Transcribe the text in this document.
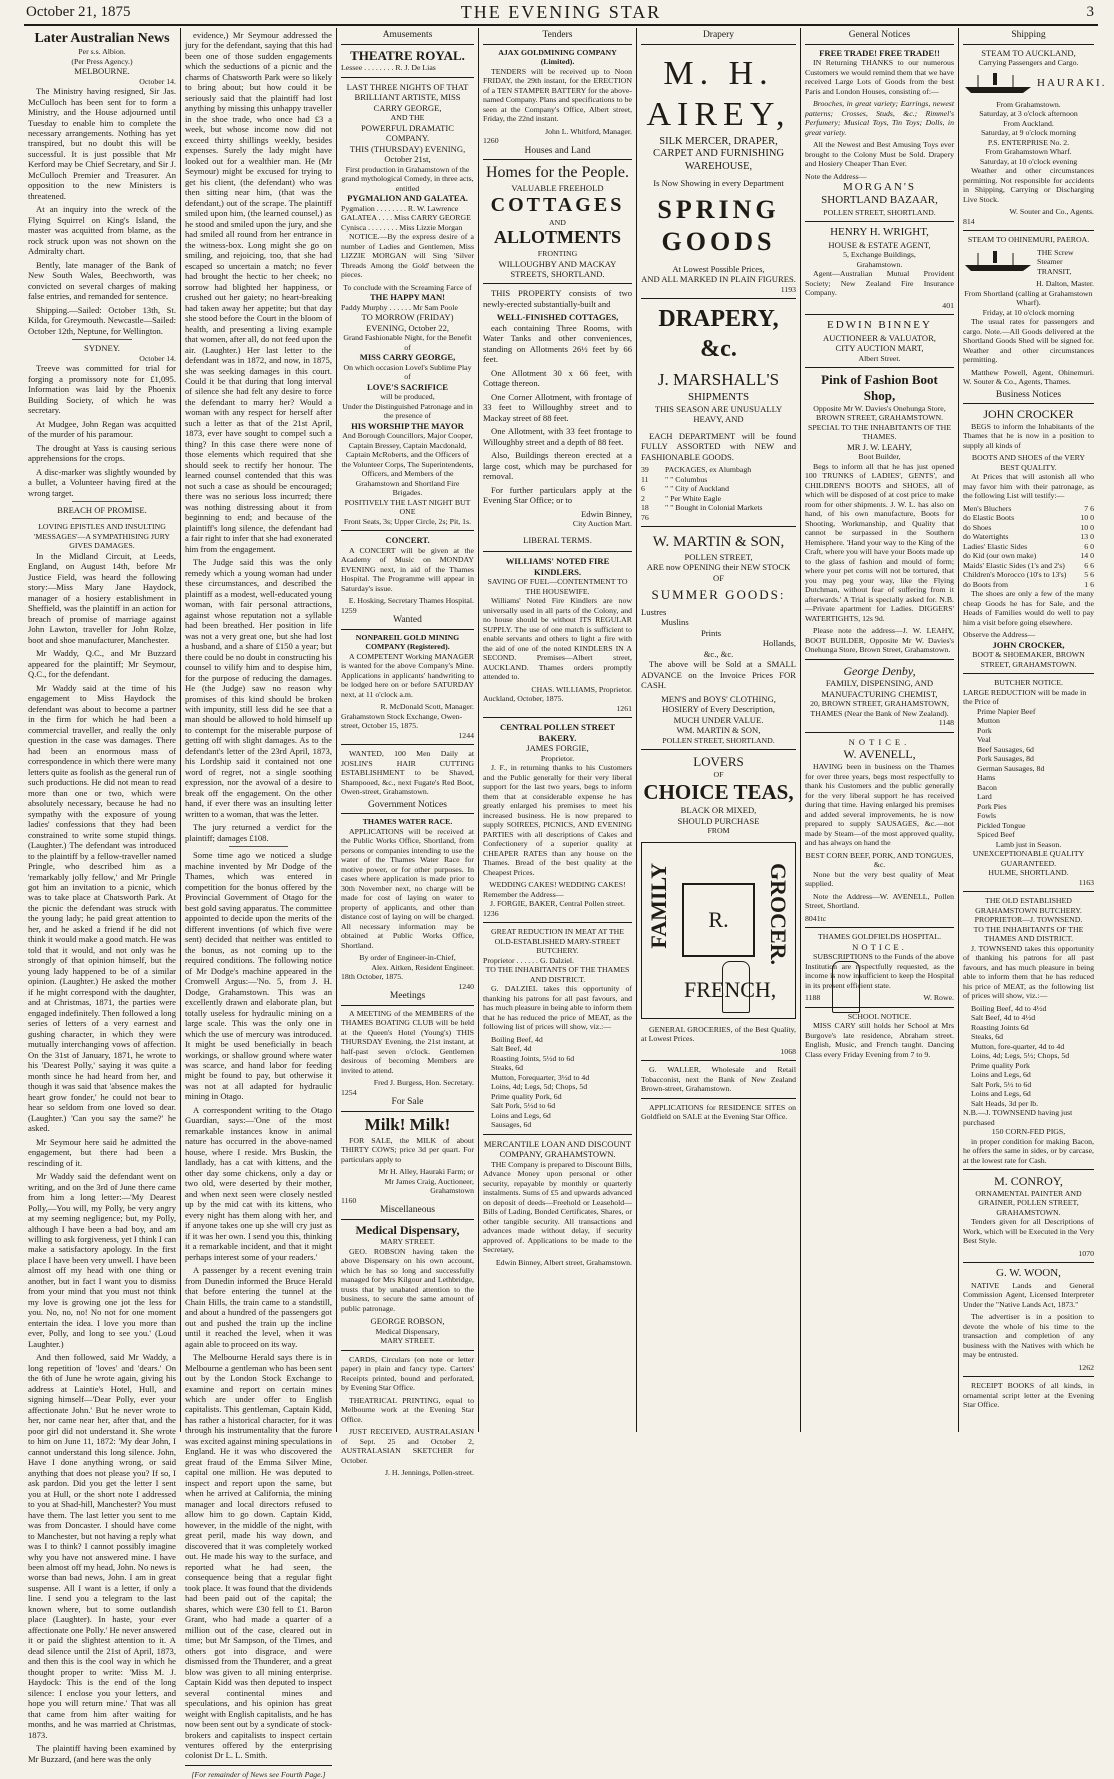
October 21, 1875	THE EVENING STAR	3
Later Australian News
Per s.s. Albion.
(Per Press Agency.)
MELBOURNE.
October 14.

The Ministry having resigned, Sir Jas. McCulloch has been sent for to form a Ministry, and the House adjourned until Tuesday to enable him to complete the necessary arrangements. Nothing has yet transpired, but no doubt this will be successful. It is just possible that Mr Kerford may be Chief Secretary, and Sir J. McCulloch Premier and Treasurer. An opposition to the new Ministers is threatened.

At an inquiry into the wreck of the Flying Squirrel on King's Island, the master was acquitted from blame, as the rock struck upon was not shown on the Admiralty chart.

Bently, late manager of the Bank of New South Wales, Beechworth, was convicted on several charges of making false entries, and remanded for sentence.

Shipping.—Sailed: October 13th, St. Kilda, for Greymouth. Newcastle—Sailed: October 12th, Neptune, for Wellington.

SYDNEY.
October 14.

Treeve was committed for trial for forging a promissory note for £1,095. Information was laid by the Phoenix Building Society, of which he was secretary.

At Mudgee, John Regan was acquitted of the murder of his paramour.

The drought at Yass is causing serious apprehensions for the crops.

A disc-marker was slightly wounded by a bullet, a Volunteer having fired at the wrong target.

BREACH OF PROMISE.
LOVING EPISTLES AND INSULTING 'MESSAGES'—A SYMPATHISING JURY GIVES DAMAGES.

In the Midland Circuit, at Leeds, England, on August 14th, before Mr Justice Field, was heard the following story:—Miss Mary Jane Haydock, manager of a hosiery establishment in Sheffield, was the plaintiff in an action for breach of promise of marriage against John Lawton, traveller for John Rolze, boot and shoe manufacturer, Manchester.

Mr Waddy, Q.C., and Mr Buzzard appeared for the plaintiff; Mr Seymour, Q.C., for the defendant.

Mr Waddy said at the time of his engagement to Miss Haydock the defendant was about to become a partner in the firm for which he had been a commercial traveller, and really the only question in the case was damages. There had been an enormous mass of correspondence in which there were many letters quite as foolish as the general run of such productions. He did not mean to read more than one or two, which were absolutely necessary, because he had no sympathy with the exposure of young ladies' confessions that they had been constrained to write some stupid things. (Laughter.) The defendant was introduced to the plaintiff by a fellow-traveller named Pringle, who described him as a 'remarkably jolly fellow,' and Mr Pringle got him an invitation to a picnic, which was to take place at Chatsworth Park. At the picnic the defendant was struck with the young lady; he paid great attention to her, and he asked a friend if he did not think it would make a good match. He was told that it would, and not only was he strongly of that opinion himself, but the young lady happened to be of a similar opinion. (Laughter.) He asked the mother if he might correspond with the daughter, and at Christmas, 1871, the parties were engaged indefinitely. Then followed a long series of letters of a very earnest and gushing character, in which they were mutually interchanging vows of affection. On the 31st of January, 1871, he wrote to his 'Dearest Polly,' saying it was quite a month since he had heard from her, and though it was said that 'absence makes the heart grow fonder,' he could not bear to hear so seldom from one loved so dear. (Laughter.) 'Can you say the same?' he asked.

Mr Seymour here said he admitted the engagement, but there had been a rescinding of it.

Mr Waddy said the defendant went on writing, and on the 3rd of June there came from him a long letter:—'My Dearest Polly,—You will, my Polly, be very angry at my seeming negligence; but, my Polly, although I have been a bad boy, and am willing to ask forgiveness, yet I think I can make a satisfactory apology. In the first place I have been very unwell. I have been almost off my head with one thing or another, but in fact I want you to dismiss from your mind that you must not think my love is growing one jot the less for you. No, no, no! No not for one moment entertain the idea. I love you more than ever, Polly, and long to see you.' (Loud Laughter.)

And then followed, said Mr Waddy, a long repetition of 'loves' and 'dears.' On the 6th of June he wrote again, giving his address at Laintie's Hotel, Hull, and signing himself—'Dear Polly, ever your affectionate John.' But he never wrote to her, nor came near her, after that, and the poor girl did not understand it. She wrote to him on June 11, 1872: 'My dear John, I cannot understand this long silence. John, Have I done anything wrong, or said anything that does not please you? If so, I ask pardon. Did you get the letter I sent you at Hull, or the short note I addressed to you at Shad-hill, Manchester? You must have them. The last letter you sent to me was from Doncaster. I should have come to Manchester, but not having a reply what was I to think? I cannot possibly imagine why you have not answered mine. I have been almost off my head, John. No news is worse than bad news, John. I am in great suspense. All I want is a letter, if only a line. I send you a telegram to the last known where, but to some outlandish place (Laughter). In haste, your ever affectionate one Polly.' He never answered it or paid the slightest attention to it. A dead silence until the 21st of April, 1873, and then this is the cool way in which he thought proper to write: 'Miss M. J. Haydock: This is the end of the long silence: I enclose you your letters, and hope you will return mine.' That was all that came from him after waiting for months, and he was married at Christmas, 1873.

The plaintiff having been examined by Mr Buzzard, (and here was the only

evidence,) Mr Seymour addressed the jury for the defendant, saying that this had been one of those sudden engagements which the seductions of a picnic and the charms of Chatsworth Park were so likely to bring about; but how could it be seriously said that the plaintiff had lost anything by missing this unhappy traveller in the shoe trade, who once had £3 a week, but whose income now did not exceed thirty shillings weekly, besides expenses. Surely the lady might have looked out for a wealthier man. He (Mr Seymour) might be excused for trying to get his client, (the defendant) who was then sitting near him, (that was the defendant,) out of the scrape. The plaintiff smiled upon him, (the learned counsel,) as he stood and smiled upon the jury, and she had smiled all round from her entrance in the witness-box. Long might she go on smiling, and rejoicing, too, that she had escaped so uncertain a match; no fever had brought the hectic to her cheek; no sorrow had blighted her happiness, or crushed out her gaiety; no heart-breaking had taken away her appetite; but that day she stood before the Court in the bloom of health, and presenting a living example that women, after all, do not feed upon the air. (Laughter.) Her last letter to the defendant was in 1872, and now, in 1875, she was seeking damages in this court. Could it be that during that long interval of silence she had felt any desire to force the defendant to marry her? Would a woman with any respect for herself after such a letter as that of the 21st April, 1873, ever have sought to compel such a thing? In this case there were none of those elements which required that she should seek to rectify her honour. The learned counsel contended that this was not such a case as should be encouraged; there was no serious loss incurred; there was nothing distressing about it from beginning to end; and because of the plaintiff's long silence, the defendant had a fair right to infer that she had exonerated him from the engagement.

The Judge said this was the only remedy which a young woman had under these circumstances, and described the plaintiff as a modest, well-educated young woman, with fair personal attractions, against whose reputation not a syllable had been breathed. Her position in life was not a very great one, but she had lost a husband, and a share of £150 a year; but there could be no doubt in constructing his counsel to vilify him and to despise him, for the purpose of reducing the damages. He (the Judge) saw no reason why promises of this kind should be broken with impunity, still less did he see that a man should be allowed to hold himself up to contempt for the miserable purpose of getting off with slight damages. As to the defendant's letter of the 23rd April, 1873, his Lordship said it contained not one word of regret, not a single soothing expression, nor the avowal of a desire to break off the engagement. On the other hand, if ever there was an insulting letter written to a woman, that was the letter.

The jury returned a verdict for the plaintiff; damages £108.

Some time ago we noticed a sludge machine invented by Mr Dodge of the Thames, which was entered in competition for the bonus offered by the Provincial Government of Otago for the best gold saving apparatus. The committee appointed to decide upon the merits of the different inventions (of which five were sent) decided that neither was entitled to the bonus, as not coming up to the required conditions. The following notice of Mr Dodge's machine appeared in the Cromwell Argus:—'No. 5, from J. H. Dodge, Grahamstown. This was an excellently drawn and elaborate plan, but totally useless for hydraulic mining on a large scale. This was the only one in which the use of mercury was introduced. It might be used beneficially in beach workings, or shallow ground where water was scarce, and hand labor for feeding might be found to pay, but otherwise it was not at all adapted for hydraulic mining in Otago.

A correspondent writing to the Otago Guardian, says:—'One of the most remarkable instances know in animal nature has occurred in the above-named house, where I reside. Mrs Buskin, the landlady, has a cat with kittens, and the other day some chickens, only a day or two old, were deserted by their mother, and when next seen were closely nestled up by the mid cat with its kittens, who every night has them along with her, and if anyone takes one up she will cry just as if it was her own. I send you this, thinking it a remarkable incident, and that it might perhaps interest some of your readers.'

A passenger by a recent evening train from Dunedin informed the Bruce Herald that before entering the tunnel at the Chain Hills, the train came to a standstill, and about a hundred of the passengers got out and pushed the train up the incline until it reached the level, when it was again able to proceed on its way.

The Melbourne Herald says there is in Melbourne a gentleman who has been sent out by the London Stock Exchange to examine and report on certain mines which are under offer to English capitalists. This gentleman, Captain Kidd, has rather a historical character, for it was through his instrumentality that the furore was excited against mining speculations in England. He it was who discovered the great fraud of the Emma Silver Mine, capital one million. He was deputed to inspect and report upon the same, but when he arrived at California, the mining manager and local directors refused to allow him to go down. Captain Kidd, however, in the middle of the night, with great peril, made his way down, and discovered that it was completely worked out. He made his way to the surface, and reported what he had seen, the consequence being that a regular fight took place. It was found that the dividends had been paid out of the capital; the shares, which were £30 fell to £1. Baron Grant, who had made a quarter of a million out of the case, cleared out in time; but Mr Sampson, of the Times, and others got into disgrace, and were dismissed from the Thunderer, and a great blow was given to all mining enterprise. Captain Kidd was then deputed to inspect several continental mines and speculations, and his opinion has great weight with English capitalists, and he has now been sent out by a syndicate of stock-brokers and capitalists to inspect certain ventures offered by the enterprising colonist Dr L. L. Smith.

[For remainder of News see Fourth Page.]
Amusements
THEATRE ROYAL.
Lessee . . . . . . . . R. J. De Lias
LAST THREE NIGHTS OF THAT BRILLIANT ARTISTE, MISS CARRY GEORGE,
AND THE
POWERFUL DRAMATIC COMPANY.
THIS (THURSDAY) EVENING, October 21st,
First production in Grahamstown of the grand mythological Comedy, in three acts, entitled
PYGMALION AND GALATEA.
Pygmalion . . . . . . . . R. W. Lawrence
GALATEA . . . . Miss CARRY GEORGE
Cynisca . . . . . . . . Miss Lizzie Morgan

NOTICE.—By the express desire of a number of Ladies and Gentlemen, Miss LIZZIE MORGAN will Sing 'Silver Threads Among the Gold' between the pieces.

To conclude with the Screaming Farce of
THE HAPPY MAN!
Paddy Murphy . . . . . . Mr Sam Poole
TO MORROW (FRIDAY) EVENING, October 22,
Grand Fashionable Night, for the Benefit of
MISS CARRY GEORGE,
On which occasion Lovel's Sublime Play of
LOVE'S SACRIFICE
will be produced,
Under the Distinguished Patronage and in the presence of
HIS WORSHIP THE MAYOR
And Borough Councillors, Major Cooper, Captain Bressey, Captain Macdonald, Captain McRoberts, and the Officers of the Volunteer Corps, The Superintendents, Officers, and Members of the Grahamstown and Shortland Fire Brigades.
POSITIVELY THE LAST NIGHT BUT ONE
Front Seats, 3s; Upper Circle, 2s; Pit, 1s.
CONCERT.

A CONCERT will be given at the Academy of Music on MONDAY EVENING next, in aid of the Thames Hospital. The Programme will appear in Saturday's issue.

E. Hosking, Secretary Thames Hospital.
1259
Wanted
NONPAREIL GOLD MINING COMPANY (Registered).

A COMPETENT Working MANAGER is wanted for the above Company's Mine. Applications in applicants' handwriting to be lodged here on or before SATURDAY next, at 11 o'clock a.m.

R. McDonald Scott, Manager.
Grahamstown Stock Exchange, Owen-street, October 15, 1875.
1244

WANTED, 100 Men Daily at JOSLIN'S HAIR CUTTING ESTABLISHMENT to be Shaved, Shampooed, &c., next Fugate's Red Boot, Owen-street, Grahamstown.

Government Notices
THAMES WATER RACE.

APPLICATIONS will be received at the Public Works Office, Shortland, from persons or companies intending to use the water of the Thames Water Race for motive power, or for other purposes. In cases where application is made prior to 30th November next, no charge will be made for cost of laying on water to property of applicants, and other than distance cost of laying on will be charged. All necessary information may be obtained at Public Works Office, Shortland.

By order of Engineer-in-Chief,
Alex. Aitken, Resident Engineer.
18th October, 1875.
1240
Meetings

A MEETING of the MEMBERS of the THAMES BOATING CLUB will be held at the Queen's Hotel (Young's) THIS THURSDAY Evening, the 21st instant, at half-past seven o'clock. Gentlemen desirous of becoming Members are invited to attend.

Fred J. Burgess, Hon. Secretary.
1254
For Sale
Milk! Milk!

FOR SALE, the MILK of about THIRTY COWS; price 3d per quart. For particulars apply to

Mr H. Alley, Hauraki Farm; or
Mr James Craig, Auctioneer, Grahamstown
1160
Miscellaneous
Medical Dispensary,
MARY STREET.

GEO. ROBSON having taken the above Dispensary on his own account, which he has so long and successfully managed for Mrs Kilgour and Lethbridge, trusts that by unabated attention to the business, to secure the same amount of public patronage.

GEORGE ROBSON,
Medical Dispensary,
MARY STREET.

CARDS, Circulars (on note or letter paper) in plain and fancy type. Carters' Receipts printed, bound and perforated, by Evening Star Office.

THEATRICAL PRINTING, equal to Melbourne work at the Evening Star Office.

JUST RECEIVED, AUSTRALASIAN of Sept. 25 and October 2, AUSTRALASIAN SKETCHER for October.

J. H. Jennings, Pollen-street.
Tenders
AJAX GOLDMINING COMPANY (Limited).

TENDERS will be received up to Noon FRIDAY, the 29th instant, for the ERECTION of a TEN STAMPER BATTERY for the above-named Company. Plans and specifications to be seen at the Company's Office, Albert street, Friday, the 22nd instant.

John L. Whitford, Manager.
1260
Houses and Land
Homes for the People.
VALUABLE FREEHOLD
COTTAGES
AND
ALLOTMENTS
FRONTING
WILLOUGHBY AND MACKAY STREETS, SHORTLAND.

THIS PROPERTY consists of two newly-erected substantially-built and

WELL-FINISHED COTTAGES,

each containing Three Rooms, with Water Tanks and other conveniences, standing on Allotments 26½ feet by 66 feet.

One Allotment 30 x 66 feet, with Cottage thereon.

One Corner Allotment, with frontage of 33 feet to Willoughby street and to Mackay street of 88 feet.

One Allotment, with 33 feet frontage to Willoughby street and a depth of 88 feet.

Also, Buildings thereon erected at a large cost, which may be purchased for removal.

For further particulars apply at the Evening Star Office; or to

Edwin Binney,
City Auction Mart.
LIBERAL TERMS.
WILLIAMS' NOTED FIRE KINDLERS.
SAVING OF FUEL—CONTENTMENT TO THE HOUSEWIFE.

Williams' Noted Fire Kindlers are now universally used in all parts of the Colony, and no house should be without ITS REGULAR SUPPLY. The use of one match is sufficient to enable servants and others to light a fire with the aid of one of the noted KINDLERS IN A SECOND. Premises—Albert street, AUCKLAND. Thames orders promptly attended to.

CHAS. WILLIAMS, Proprietor.
Auckland, October, 1875.
1261
CENTRAL POLLEN STREET BAKERY.
JAMES FORGIE,
Proprietor.

J. F., in returning thanks to his Customers and the Public generally for their very liberal support for the last two years, begs to inform them that at considerable expense he has greatly enlarged his premises to meet his increased business. He is now prepared to supply SOIREES, PICNICS, AND EVENING PARTIES with all descriptions of Cakes and Confectionery of a superior quality at CHEAPER RATES than any house on the Thames. Bread of the best quality at the Cheapest Prices.

WEDDING CAKES! WEDDING CAKES!
Remember the Address—
J. FORGIE, BAKER, Central Pollen street.
1236
GREAT REDUCTION IN MEAT AT THE OLD-ESTABLISHED MARY-STREET BUTCHERY.
Proprietor . . . . . . G. Dalziel.
TO THE INHABITANTS OF THE THAMES AND DISTRICT.

G. DALZIEL takes this opportunity of thanking his patrons for all past favours, and has much pleasure in being able to inform them that he has reduced the price of MEAT, as the following list of prices will show, viz.:—

Boiling Beef, 4d
Salt Beef, 4d
Roasting Joints, 5½d to 6d
Steaks, 6d
Mutton, Forequarter, 3½d to 4d
Loins, 4d; Legs, 5d; Chops, 5d
Prime quality Pork, 6d
Salt Pork, 5½d to 6d
Loins and Legs, 6d
Sausages, 6d
MERCANTILE LOAN AND DISCOUNT COMPANY, GRAHAMSTOWN.

THE Company is prepared to Discount Bills, Advance Money upon personal or other security, repayable by monthly or quarterly instalments. Sums of £5 and upwards advanced on deposit of deeds—Freehold or Leasehold—Bills of Lading, Bonded Certificates, Shares, or other tangible security. All transactions and advances made without delay, if security approved of. Applications to be made to the Secretary,

Edwin Binney, Albert street, Grahamstown.
Drapery
M. H. AIREY,
SILK MERCER, DRAPER, CARPET AND FURNISHING WAREHOUSE,
Is Now Showing in every Department
SPRING GOODS
At Lowest Possible Prices,
AND ALL MARKED IN PLAIN FIGURES.
1193
DRAPERY, &c.
J. MARSHALL'S
SHIPMENTS
THIS SEASON ARE UNUSUALLY HEAVY, AND

EACH DEPARTMENT will be found FULLY ASSORTED with NEW and FASHIONABLE GOODS.

39	PACKAGES, ex Alumbagh
11	" " Columbus
6	" " City of Auckland
2	" Per White Eagle
18	" " Bought in Colonial Markets
76
W. MARTIN & SON,
POLLEN STREET,
ARE now OPENING their NEW STOCK OF
SUMMER GOODS:
Lustres
Muslins
Prints
Hollands,
&c., &c.

The above will be Sold at a SMALL ADVANCE on the Invoice Prices FOR CASH.

MEN'S and BOYS' CLOTHING,
HOSIERY of Every Description,
MUCH UNDER VALUE.
WM. MARTIN & SON,
POLLEN STREET, SHORTLAND.
LOVERS
OF
CHOICE TEAS,
BLACK OR MIXED,
SHOULD PURCHASE
FROM
FAMILY	GROCER.
R. FRENCH,

GENERAL GROCERIES, of the Best Quality, at Lowest Prices.

1068

G. WALLER, Wholesale and Retail Tobacconist, next the Bank of New Zealand Brown-street, Grahamstown.

APPLICATIONS for RESIDENCE SITES on Goldfield on SALE at the Evening Star Office.

General Notices
FREE TRADE! FREE TRADE!!

IN Returning THANKS to our numerous Customers we would remind them that we have received Large Lots of Goods from the best Paris and London Houses, consisting of:—

Brooches, in great variety; Earrings, newest patterns; Crosses, Studs, &c.; Rimmel's Perfumery; Musical Toys, Tin Toys; Dolls, in great variety.

All the Newest and Best Amusing Toys ever brought to the Colony Must be Sold. Drapery and Hosiery Cheaper Than Ever.

Note the Address—
MORGAN'S
SHORTLAND BAZAAR,
POLLEN STREET, SHORTLAND.
HENRY H. WRIGHT,
HOUSE & ESTATE AGENT,
5, Exchange Buildings,
Grahamstown.

Agent—Australian Mutual Provident Society; New Zealand Fire Insurance Company.

401
EDWIN BINNEY
AUCTIONEER & VALUATOR,
CITY AUCTION MART,
Albert Street.
Pink of Fashion Boot Shop,
Opposite Mr W. Davies's Onehunga Store, BROWN STREET, GRAHAMSTOWN.
SPECIAL TO THE INHABITANTS OF THE THAMES.
MR J. W. LEAHY,
Boot Builder,

Begs to inform all that he has just opened 100 TRUNKS of LADIES', GENTS', and CHILDREN'S BOOTS and SHOES, all of which will be disposed of at cost price to make room for other shipments. J. W. L. has also on hand, of his own manufacture, Boots for Shooting, Workmanship, and Quality that cannot be surpassed in the Southern Hemisphere. 'Hand your way to the King of the Craft, where you will have your Boots made up to the glass of fashion and mould of form; where your pet corns will not be tortured, that you may peg your way, like the Flying Dutchman, without fear of suffering from it afterwards.' A Trial is specially asked for. N.B.—Private apartment for Ladies. DIGGERS' WATERTIGHTS, 12s 9d.

Please note the address—J. W. LEAHY, BOOT BUILDER, Opposite Mr W. Davies's Onehunga Store, Brown Street, Grahamstown.

George Denby,
FAMILY, DISPENSING, AND MANUFACTURING CHEMIST,
20, BROWN STREET, GRAHAMSTOWN, THAMES (Near the Bank of New Zealand).
1148
NOTICE.
W. AVENELL,

HAVING been in business on the Thames for over three years, begs most respectfully to thank his Customers and the public generally for the very liberal support he has received during that time. Having enlarged his premises and added several improvements, he is now prepared to supply SAUSAGES, &c.—not made by Steam—of the most approved quality, and has always on hand the

BEST CORN BEEF, PORK, AND TONGUES, &c.

None but the very best quality of Meat supplied.

Note the Address—W. AVENELL, Pollen Street, Shortland.

8041tc
THAMES GOLDFIELDS HOSPITAL.
NOTICE.

SUBSCRIPTIONS to the Funds of the above Institution are respectfully requested, as the income is now insufficient to keep the Hospital in its present efficient state.

1188	W. Rowe.
SCHOOL NOTICE.

MISS CARY still holds her School at Mrs Burgove's late residence, Abraham street. English, Music, and French taught. Dancing Class every Friday Evening from 7 to 9.

Shipping
STEAM TO AUCKLAND,
Carrying Passengers and Cargo.
HAURAKI.
From Grahamstown.
Saturday, at 3 o'clock afternoon
From Auckland.
Saturday, at 9 o'clock morning
P.S. ENTERPRISE No. 2.
From Grahamstown Wharf.
Saturday, at 10 o'clock evening

Weather and other circumstances permitting. Not responsible for accidents in Shipping, Carrying or Discharging Live Stock.

W. Souter and Co., Agents.
814
STEAM TO OHINEMURI, PAEROA.
THE Screw Steamer TRANSIT,
H. Dalton, Master.
From Shortland (calling at Grahamstown Wharf).
Friday, at 10 o'clock morning

The usual rates for passengers and cargo. Note.—All Goods delivered at the Shortland Goods Shed will be signed for. Weather and other circumstances permitting.

Matthew Powell, Agent, Ohinemuri. W. Souter & Co., Agents, Thames.

Business Notices
JOHN CROCKER

BEGS to inform the Inhabitants of the Thames that he is now in a position to supply all kinds of

BOOTS AND SHOES of the VERY BEST QUALITY.

At Prices that will astonish all who may favor him with their patronage, as the following List will testify:—

Men's Bluchers	7 6
do Elastic Boots	10 0
do Shoes	10 0
do Watertights	13 0
Ladies' Elastic Sides	6 0
do Kid (our own make)	14 0
Maids' Elastic Sides (1's and 2's) 6 6
Children's Morocco (10's to 13's) 5 6
do Boots from	1 6

The shoes are only a few of the many cheap Goods he has for Sale, and the Heads of Families would do well to pay him a visit before going elsewhere.

Observe the Address—
JOHN CROCKER,
BOOT & SHOEMAKER, BROWN STREET, GRAHAMSTOWN.
BUTCHER NOTICE.
LARGE REDUCTION will be made in the Price of
Prime Napier Beef
Mutton
Pork
Veal
Beef Sausages, 6d
Pork Sausages, 8d
German Sausages, 8d
Hams
Bacon
Lard
Pork Pies
Fowls
Pickled Tongue
Spiced Beef
Lamb just in Season.
UNEXCEPTIONABLE QUALITY GUARANTEED.
HULME, SHORTLAND.
1163
THE OLD ESTABLISHED GRAHAMSTOWN BUTCHERY.
PROPRIETOR—J. TOWNSEND.
TO THE INHABITANTS OF THE THAMES AND DISTRICT.

J. TOWNSEND takes this opportunity of thanking his patrons for all past favours, and has much pleasure in being able to inform them that he has reduced his price of MEAT, as the following list of prices will show, viz.:—

Boiling Beef, 4d to 4½d
Salt Beef, 4d to 4½d
Roasting Joints 6d
Steaks, 6d
Mutton, fore-quarter, 4d to 4d
Loins, 4d; Legs, 5½; Chops, 5d
Prime quality Pork
Loins and Legs, 6d
Salt Pork, 5½ to 6d
Loins and Legs, 6d
Salt Heads, 3d per lb.
N.B.—J. TOWNSEND having just purchased
150 CORN-FED PIGS,

in proper condition for making Bacon, he offers the same in sides, or by carcase, at the lowest rate for Cash.

M. CONROY,
ORNAMENTAL PAINTER AND GRAINER, POLLEN STREET, GRAHAMSTOWN.

Tenders given for all Descriptions of Work, which will be Executed in the Very Best Style.

1070
G. W. WOON,

NATIVE Lands and General Commission Agent, Licensed Interpreter Under the "Native Lands Act, 1873."

The advertiser is in a position to devote the whole of his time to the transaction and completion of any business with the Natives with which he may be entrusted.

1262

RECEIPT BOOKS of all kinds, in ornamental script letter at the Evening Star Office.
